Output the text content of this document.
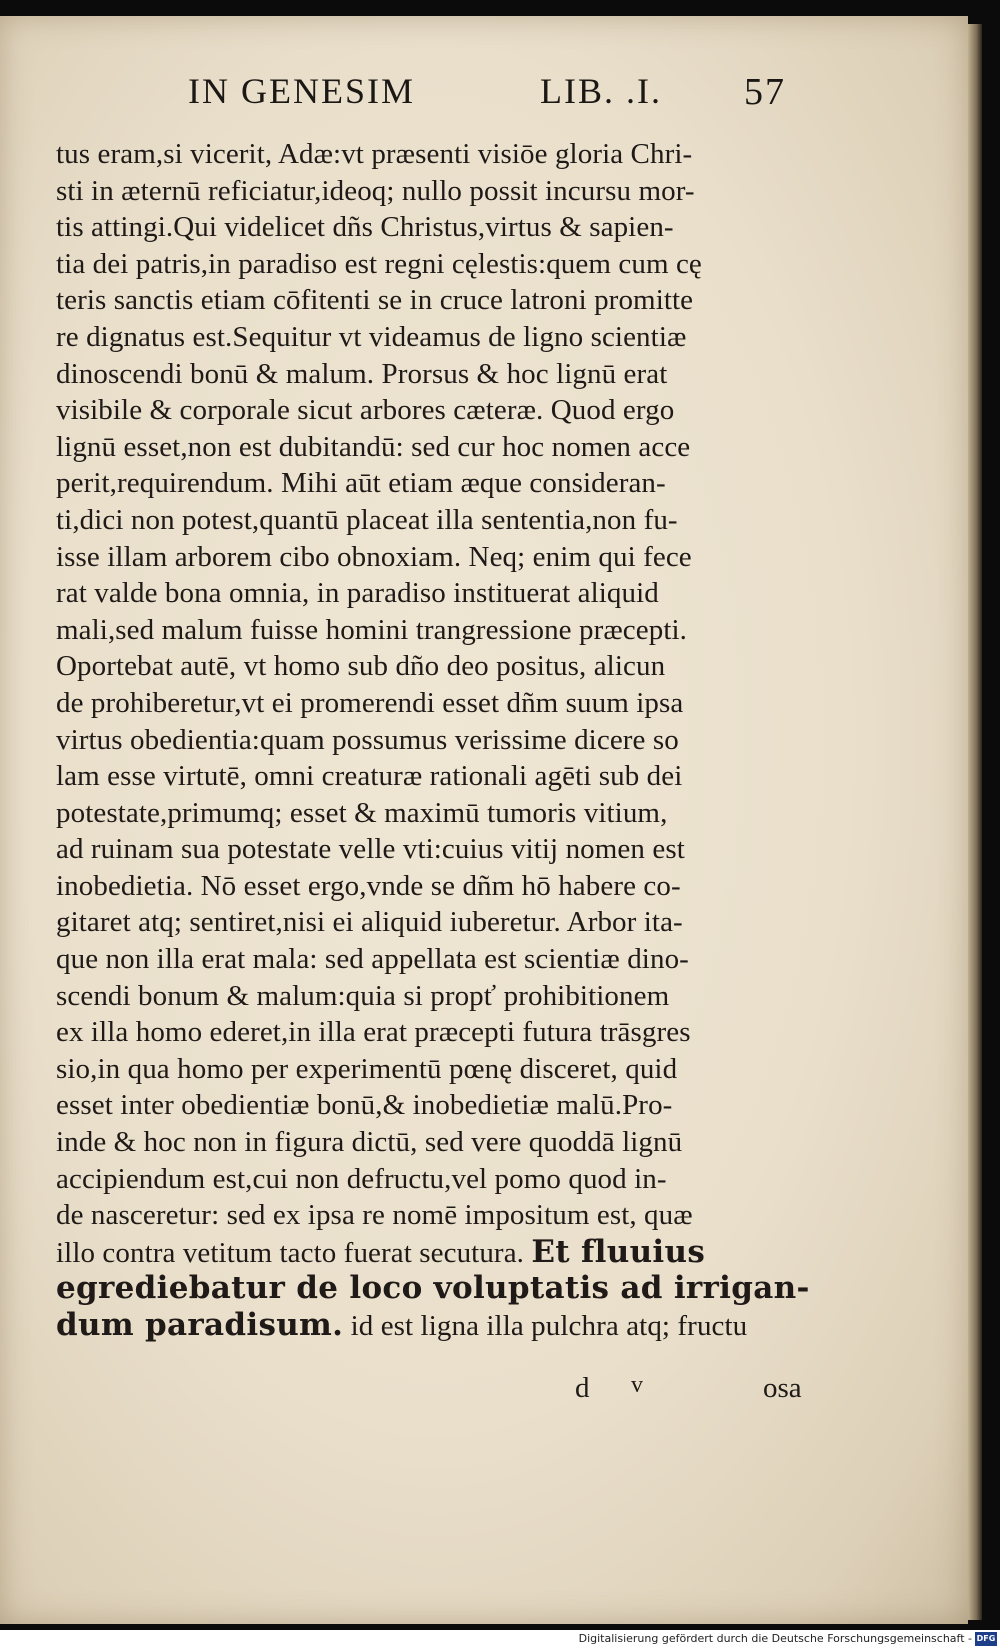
IN GENESIM	LIB. .I. 57
tus eram,si vicerit, Adæ:vt præsenti visiōe gloria Chri-
sti in æternū reficiatur,ideoq; nullo possit incursu mor-
tis attingi.Qui videlicet dñs Christus,virtus & sapien-
tia dei patris,in paradiso est regni cęlestis:quem cum cę
teris sanctis etiam cōfitenti se in cruce latroni promitte
re dignatus est.Sequitur vt videamus de ligno scientiæ
dinoscendi bonū & malum. Prorsus & hoc lignū erat
visibile & corporale sicut arbores cæteræ. Quod ergo
lignū esset,non est dubitandū: sed cur hoc nomen acce
perit,requirendum. Mihi aūt etiam æque consideran-
ti,dici non potest,quantū placeat illa sententia,non fu-
isse illam arborem cibo obnoxiam. Neq; enim qui fece
rat valde bona omnia, in paradiso instituerat aliquid
mali,sed malum fuisse homini trangressione præcepti.
Oportebat autē, vt homo sub dño deo positus, alicun
de prohiberetur,vt ei promerendi esset dñm suum ipsa
virtus obedientia:quam possumus verissime dicere so
lam esse virtutē, omni creaturæ rationali agēti sub dei
potestate,primumq; esset & maximū tumoris vitium,
ad ruinam sua potestate velle vti:cuius vitij nomen est
inobedietia. Nō esset ergo,vnde se dñm hō habere co-
gitaret atq; sentiret,nisi ei aliquid iuberetur. Arbor ita-
que non illa erat mala: sed appellata est scientiæ dino-
scendi bonum & malum:quia si propť prohibitionem
ex illa homo ederet,in illa erat præcepti futura trāsgres
sio,in qua homo per experimentū pœnę disceret, quid
esset inter obedientiæ bonū,& inobedietiæ malū.Pro-
inde & hoc non in figura dictū, sed vere quoddā lignū
accipiendum est,cui non defructu,vel pomo quod in-
de nasceretur: sed ex ipsa re nomē impositum est, quæ
illo contra vetitum tacto fuerat secutura. Et fluuius
egrediebatur de loco voluptatis ad irrigan-
dum paradisum. id est ligna illa pulchra atq; fructu
d v	osa
Digitalisierung gefördert durch die Deutsche Forschungsgemeinschaft - DFG
